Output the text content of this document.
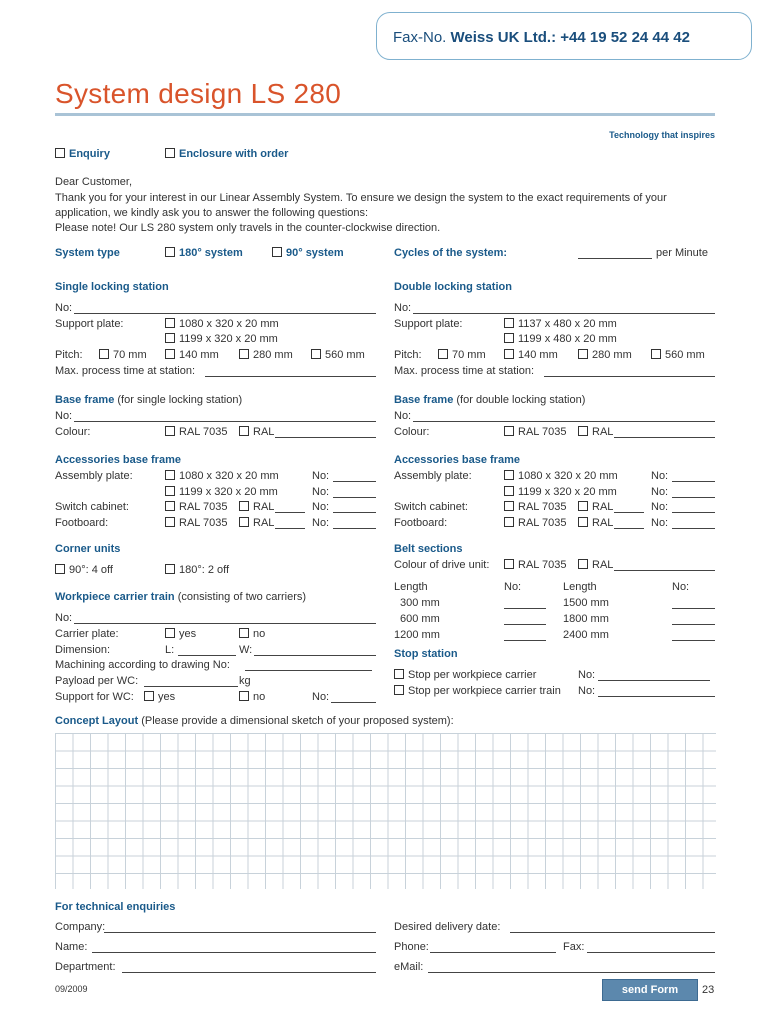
Fax-No. Weiss UK Ltd.: +44 19 52 24 44 42
System design LS 280
Technology that inspires
Enquiry	Enclosure with order
Dear Customer,
Thank you for your interest in our Linear Assembly System. To ensure we design the system to the exact requirements of your
application, we kindly ask you to answer the following questions:
Please note! Our LS 280 system only travels in the counter-clockwise direction.
System type	180° system	90° system	Cycles of the system:	per Minute
Single locking station
No:
Support plate:	1080 x 320 x 20 mm
1199 x 320 x 20 mm
Pitch:	70 mm	140 mm	280 mm	560 mm
Max. process time at station:
Double locking station
No:
Support plate:	1137 x 480 x 20 mm
1199 x 480 x 20 mm
Pitch:	70 mm	140 mm	280 mm	560 mm
Max. process time at station:
Base frame (for single locking station)
No:
Colour:	RAL 7035	RAL
Base frame (for double locking station)
No:
Colour:	RAL 7035	RAL
Accessories base frame
Assembly plate:	1080 x 320 x 20 mm	No:
1199 x 320 x 20 mm	No:
Switch cabinet:	RAL 7035	RAL	No:
Footboard:	RAL 7035	RAL	No:
Accessories base frame
Assembly plate:	1080 x 320 x 20 mm	No:
1199 x 320 x 20 mm	No:
Switch cabinet:	RAL 7035	RAL	No:
Footboard:	RAL 7035	RAL	No:
Corner units
90°: 4 off	180°: 2 off
Workpiece carrier train (consisting of two carriers)
No:
Carrier plate:	yes	no
Dimension:	L:	W:
Machining according to drawing No:
Payload per WC:	kg
Support for WC:	yes	no	No:
Belt sections
Colour of drive unit:	RAL 7035	RAL
Length	No:	Length	No:
300 mm	1500 mm
600 mm	1800 mm
1200 mm	2400 mm
Stop station
Stop per workpiece carrier	No:
Stop per workpiece carrier train No:
Concept Layout (Please provide a dimensional sketch of your proposed system):
For technical enquiries
Company:
Name:
Department:
Desired delivery date:
Phone:	Fax:
eMail:
09/2009	send Form	23
